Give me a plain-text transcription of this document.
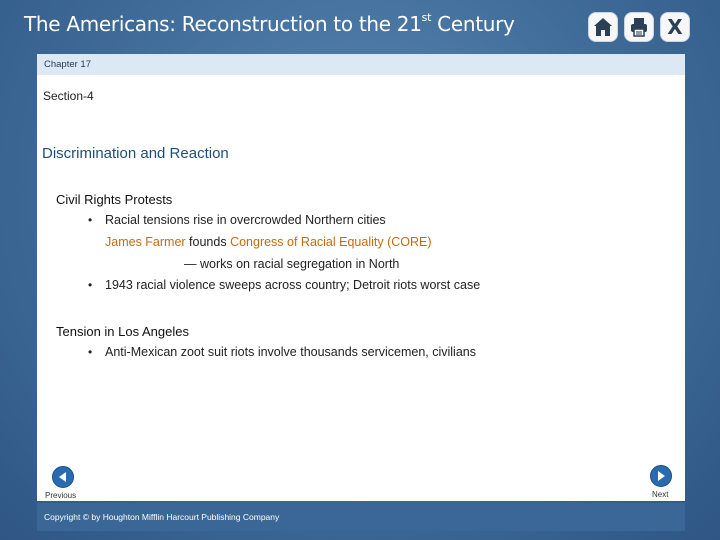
The Americans: Reconstruction to the 21st Century	X
Chapter 17
Section-4
Discrimination and Reaction
Civil Rights Protests
• Racial tensions rise in overcrowded Northern cities
James Farmer founds Congress of Racial Equality (CORE)
— works on racial segregation in North
• 1943 racial violence sweeps across country; Detroit riots worst case
Tension in Los Angeles
• Anti-Mexican zoot suit riots involve thousands servicemen, civilians
Previous	Next
Copyright © by Houghton Mifflin Harcourt Publishing Company
